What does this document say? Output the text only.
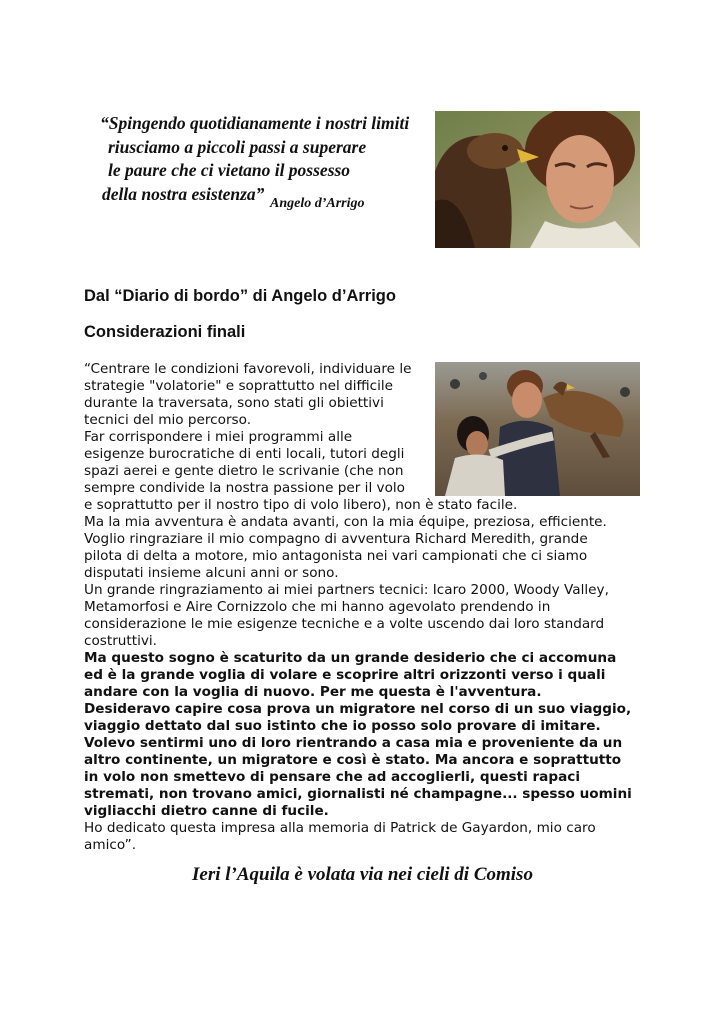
“Spingendo quotidianamente i nostri limiti
riusciamo a piccoli passi a superare
le paure che ci vietano il possesso
della nostra esistenza” Angelo d’Arrigo
Dal “Diario di bordo” di Angelo d’Arrigo
Considerazioni finali
“Centrare le condizioni favorevoli, individuare le
strategie "volatorie" e soprattutto nel difficile
durante la traversata, sono stati gli obiettivi
tecnici del mio percorso.
Far corrispondere i miei programmi alle
esigenze burocratiche di enti locali, tutori degli
spazi aerei e gente dietro le scrivanie (che non
sempre condivide la nostra passione per il volo
e soprattutto per il nostro tipo di volo libero), non è stato facile.
Ma la mia avventura è andata avanti, con la mia équipe, preziosa, efficiente.
Voglio ringraziare il mio compagno di avventura Richard Meredith, grande
pilota di delta a motore, mio antagonista nei vari campionati che ci siamo
disputati insieme alcuni anni or sono.
Un grande ringraziamento ai miei partners tecnici: Icaro 2000, Woody Valley,
Metamorfosi e Aire Cornizzolo che mi hanno agevolato prendendo in
considerazione le mie esigenze tecniche e a volte uscendo dai loro standard
costruttivi.
Ma questo sogno è scaturito da un grande desiderio che ci accomuna
ed è la grande voglia di volare e scoprire altri orizzonti verso i quali
andare con la voglia di nuovo. Per me questa è l'avventura.
Desideravo capire cosa prova un migratore nel corso di un suo viaggio,
viaggio dettato dal suo istinto che io posso solo provare di imitare.
Volevo sentirmi uno di loro rientrando a casa mia e proveniente da un
altro continente, un migratore e così è stato. Ma ancora e soprattutto
in volo non smettevo di pensare che ad accoglierli, questi rapaci
stremati, non trovano amici, giornalisti né champagne... spesso uomini
vigliacchi dietro canne di fucile.
Ho dedicato questa impresa alla memoria di Patrick de Gayardon, mio caro
amico”.
Ieri l’Aquila è volata via nei cieli di Comiso
